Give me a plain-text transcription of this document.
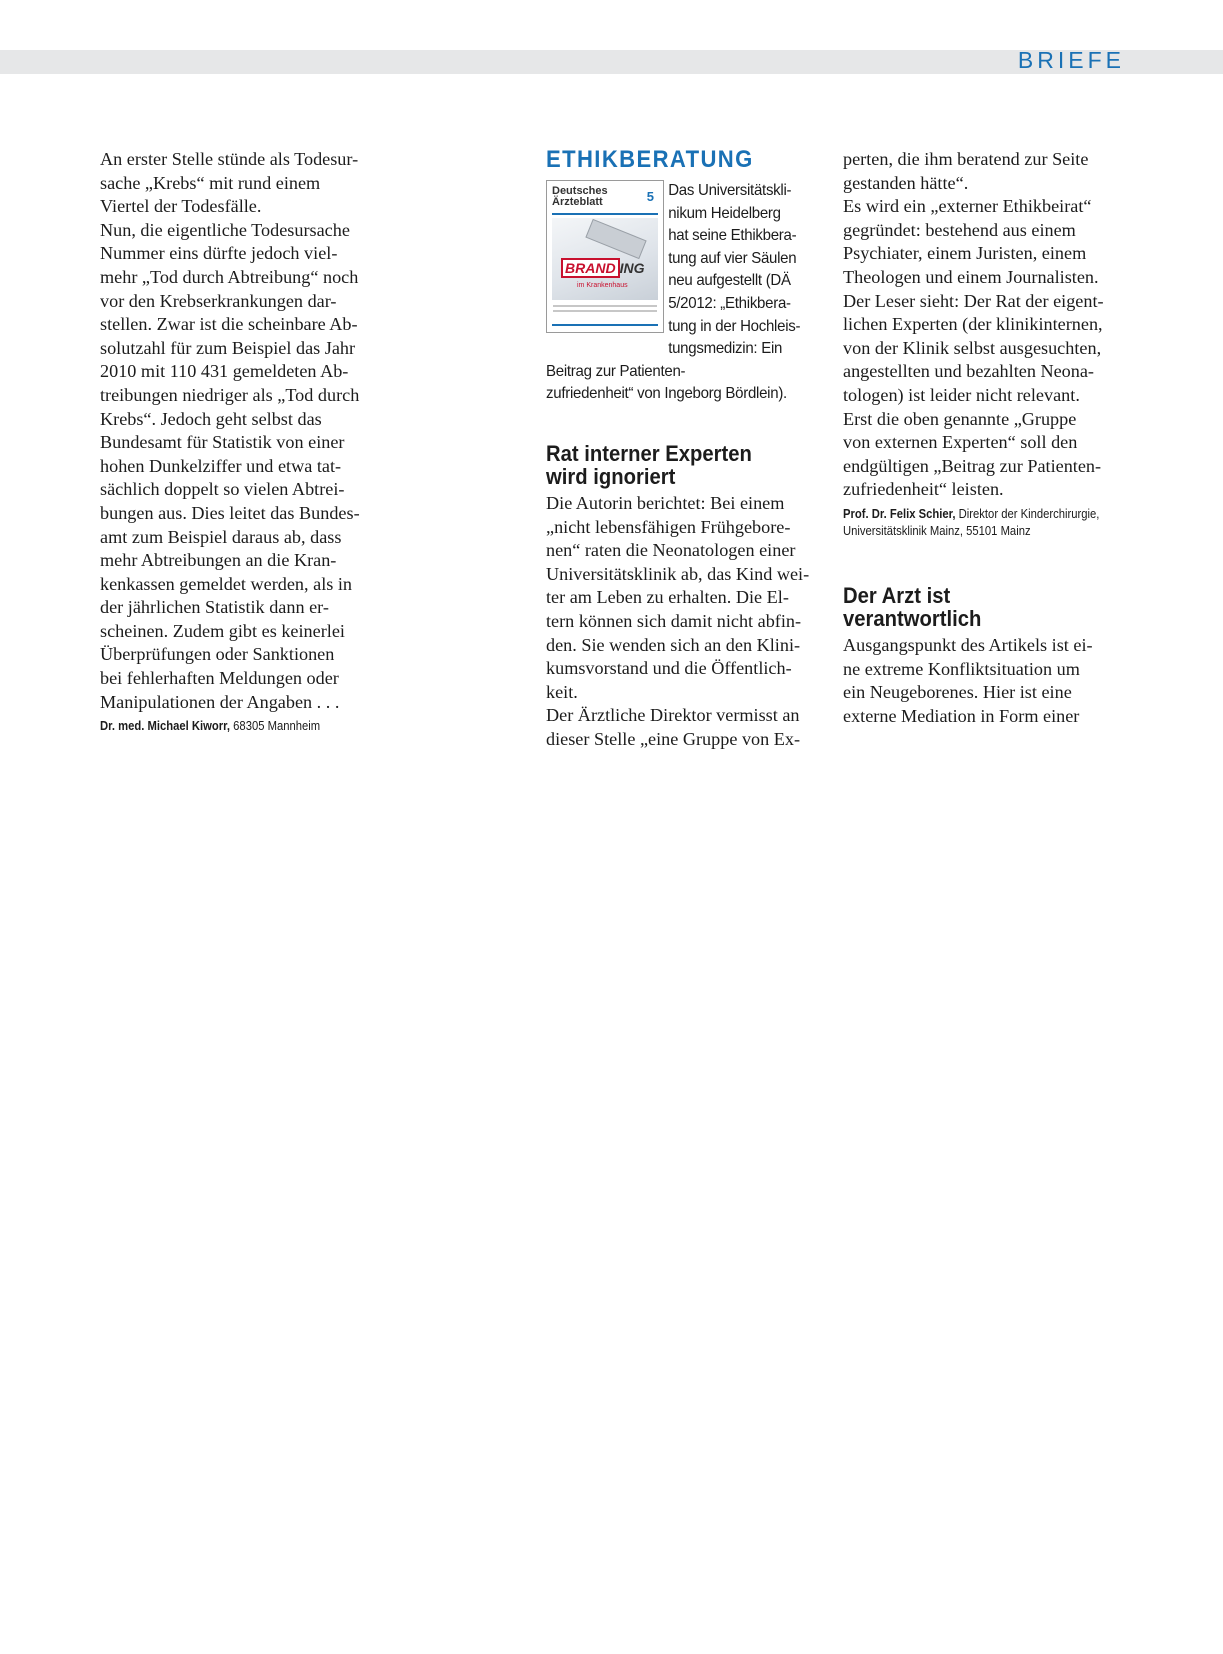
BRIEFE

An erster Stelle stünde als Todesur-
sache „Krebs“ mit rund einem
Viertel der Todesfälle.

Nun, die eigentliche Todesursache
Nummer eins dürfte jedoch viel-
mehr „Tod durch Abtreibung“ noch
vor den Krebserkrankungen dar-
stellen. Zwar ist die scheinbare Ab-
solutzahl für zum Beispiel das Jahr
2010 mit 110 431 gemeldeten Ab-
treibungen niedriger als „Tod durch
Krebs“. Jedoch geht selbst das
Bundesamt für Statistik von einer
hohen Dunkelziffer und etwa tat-
sächlich doppelt so vielen Abtrei-
bungen aus. Dies leitet das Bundes-
amt zum Beispiel daraus ab, dass
mehr Abtreibungen an die Kran-
kenkassen gemeldet werden, als in
der jährlichen Statistik dann er-
scheinen. Zudem gibt es keinerlei
Überprüfungen oder Sanktionen
bei fehlerhaften Meldungen oder
Manipulationen der Angaben . . .

Dr. med. Michael Kiworr, 68305 Mannheim

ETHIKBERATUNG
Deutsches
Ärzteblatt	5
BRAND ING
im Krankenhaus

Das Universitätskli-
nikum Heidelberg
hat seine Ethikbera-
tung auf vier Säulen
neu aufgestellt (DÄ
5/2012: „Ethikbera-
tung in der Hochleis-
tungsmedizin: Ein Beitrag zur Patienten-
zufriedenheit“ von Ingeborg Bördlein).

Rat interner Experten
wird ignoriert

Die Autorin berichtet: Bei einem
„nicht lebensfähigen Frühgebore-
nen“ raten die Neonatologen einer
Universitätsklinik ab, das Kind wei-
ter am Leben zu erhalten. Die El-
tern können sich damit nicht abfin-
den. Sie wenden sich an den Klini-
kumsvorstand und die Öffentlich-
keit.

Der Ärztliche Direktor vermisst an
dieser Stelle „eine Gruppe von Ex-

perten, die ihm beratend zur Seite
gestanden hätte“.

Es wird ein „externer Ethikbeirat“
gegründet: bestehend aus einem
Psychiater, einem Juristen, einem
Theologen und einem Journalisten.

Der Leser sieht: Der Rat der eigent-
lichen Experten (der klinikinternen,
von der Klinik selbst ausgesuchten,
angestellten und bezahlten Neona-
tologen) ist leider nicht relevant.
Erst die oben genannte „Gruppe
von externen Experten“ soll den
endgültigen „Beitrag zur Patienten-
zufriedenheit“ leisten.

Prof. Dr. Felix Schier, Direktor der Kinderchirurgie,
Universitätsklinik Mainz, 55101 Mainz

Der Arzt ist
verantwortlich

Ausgangspunkt des Artikels ist ei-
ne extreme Konfliktsituation um
ein Neugeborenes. Hier ist eine
externe Mediation in Form einer
